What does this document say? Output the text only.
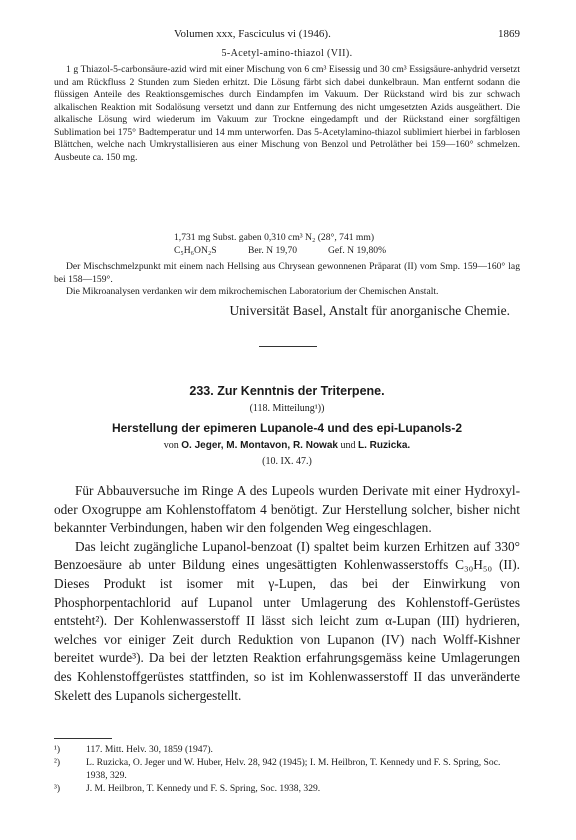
Volumen xxx, Fasciculus vi (1946).	1869
5-Acetyl-amino-thiazol (VII).

1 g Thiazol-5-carbonsäure-azid wird mit einer Mischung von 6 cm³ Eisessig und 30 cm³ Essigsäure-anhydrid versetzt und am Rückfluss 2 Stunden zum Sieden erhitzt. Die Lösung färbt sich dabei dunkelbraun. Man entfernt sodann die flüssigen Anteile des Reaktionsgemisches durch Eindampfen im Vakuum. Der Rückstand wird bis zur schwach alkalischen Reaktion mit Sodalösung versetzt und dann zur Entfernung des nicht umgesetzten Azids ausgeäthert. Die alkalische Lösung wird wiederum im Vakuum zur Trockne eingedampft und der Rückstand einer sorgfältigen Sublimation bei 175° Badtemperatur und 14 mm unterworfen. Das 5-Acetylamino-thiazol sublimiert hierbei in farblosen Blättchen, welche nach Umkrystallisieren aus einer Mischung von Benzol und Petroläther bei 159—160° schmelzen. Ausbeute ca. 150 mg.

1,731 mg Subst. gaben 0,310 cm³ N₂ (28°, 741 mm)
C₅H₆ON₂S	Ber. N 19,70	Gef. N 19,80%

Der Mischschmelzpunkt mit einem nach Hellsing aus Chrysean gewonnenen Präparat (II) vom Smp. 159—160° lag bei 158—159°.

Die Mikroanalysen verdanken wir dem mikrochemischen Laboratorium der Chemischen Anstalt.

Universität Basel, Anstalt für anorganische Chemie.
233. Zur Kenntnis der Triterpene.
(118. Mitteilung¹))
Herstellung der epimeren Lupanole-4 und des epi-Lupanols-2
von O. Jeger, M. Montavon, R. Nowak und L. Ruzicka.
(10. IX. 47.)

Für Abbauversuche im Ringe A des Lupeols wurden Derivate mit einer Hydroxyl- oder Oxogruppe am Kohlenstoffatom 4 benötigt. Zur Herstellung solcher, bisher nicht bekannter Verbindungen, haben wir den folgenden Weg eingeschlagen.

Das leicht zugängliche Lupanol-benzoat (I) spaltet beim kurzen Erhitzen auf 330° Benzoesäure ab unter Bildung eines ungesättigten Kohlenwasserstoffs C₃₀H₅₀ (II). Dieses Produkt ist isomer mit γ-Lupen, das bei der Einwirkung von Phosphorpentachlorid auf Lupanol unter Umlagerung des Kohlenstoff-Gerüstes entsteht²). Der Kohlenwasserstoff II lässt sich leicht zum α-Lupan (III) hydrieren, welches vor einiger Zeit durch Reduktion von Lupanon (IV) nach Wolff-Kishner bereitet wurde³). Da bei der letzten Reaktion erfahrungsgemäss keine Umlagerungen des Kohlenstoffgerüstes stattfinden, so ist im Kohlenwasserstoff II das unveränderte Skelett des Lupanols sichergestellt.

¹)	117. Mitt. Helv. 30, 1859 (1947).

²)	L. Ruzicka, O. Jeger und W. Huber, Helv. 28, 942 (1945); I. M. Heilbron, T. Kennedy und F. S. Spring, Soc. 1938, 329.

³)	J. M. Heilbron, T. Kennedy und F. S. Spring, Soc. 1938, 329.
